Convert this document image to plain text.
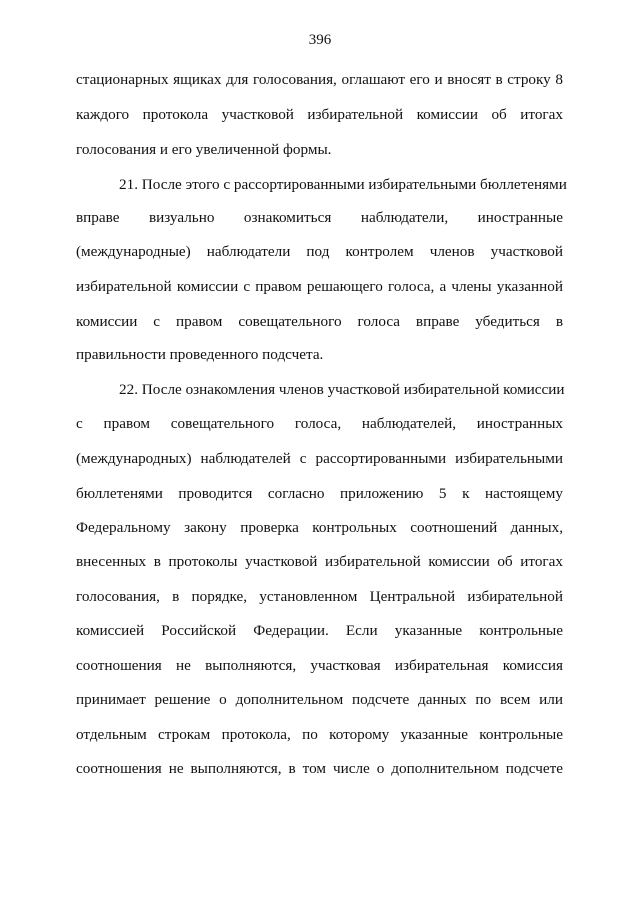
396
стационарных ящиках для голосования, оглашают его и вносят в строку 8
каждого протокола участковой избирательной комиссии об итогах
голосования и его увеличенной формы.
21. После этого с рассортированными избирательными бюллетенями
вправе визуально ознакомиться наблюдатели, иностранные
(международные) наблюдатели под контролем членов участковой
избирательной комиссии с правом решающего голоса, а члены указанной
комиссии с правом совещательного голоса вправе убедиться в
правильности проведенного подсчета.
22. После ознакомления членов участковой избирательной комиссии
с правом совещательного голоса, наблюдателей, иностранных
(международных) наблюдателей с рассортированными избирательными
бюллетенями проводится согласно приложению 5 к настоящему
Федеральному закону проверка контрольных соотношений данных,
внесенных в протоколы участковой избирательной комиссии об итогах
голосования, в порядке, установленном Центральной избирательной
комиссией Российской Федерации. Если указанные контрольные
соотношения не выполняются, участковая избирательная комиссия
принимает решение о дополнительном подсчете данных по всем или
отдельным строкам протокола, по которому указанные контрольные
соотношения не выполняются, в том числе о дополнительном подсчете
